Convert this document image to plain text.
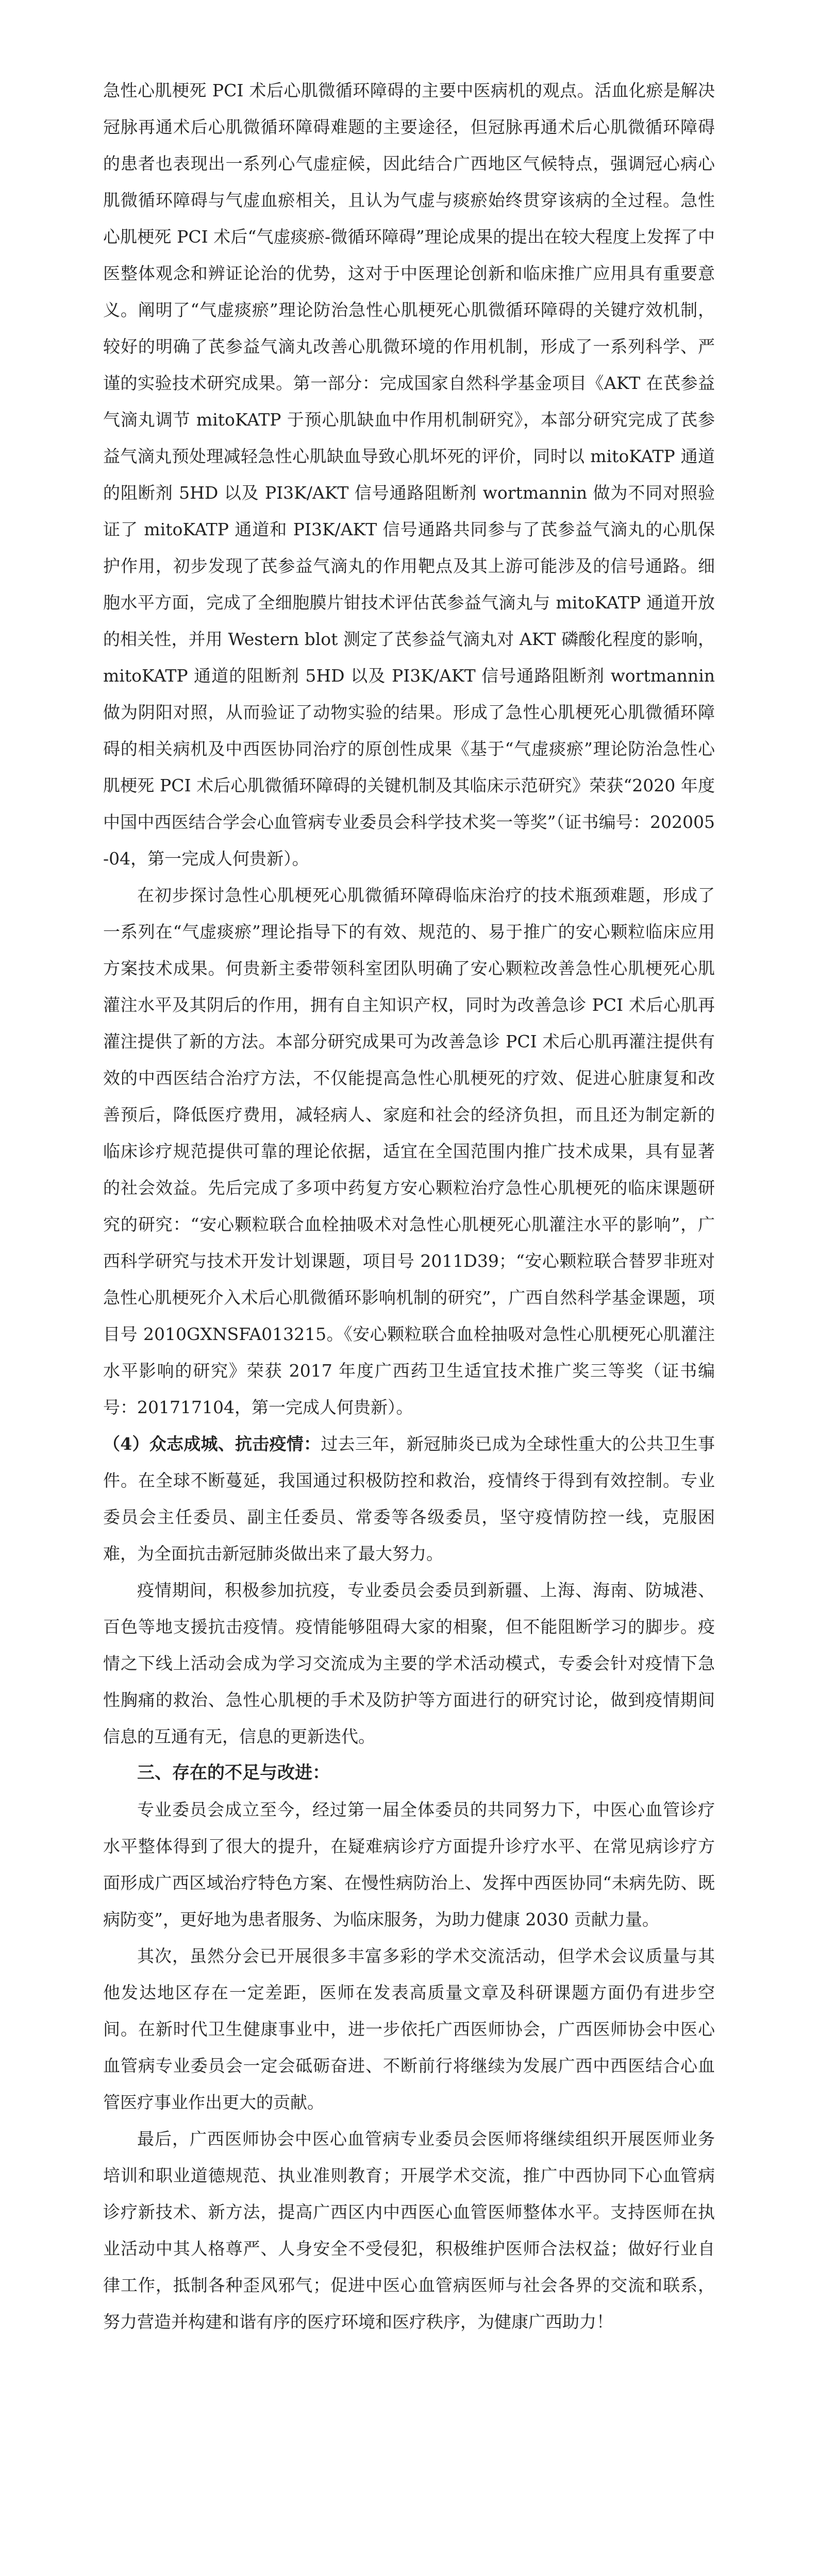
急性心肌梗死 PCI 术后心肌微循环障碍的主要中医病机的观点。活血化瘀是解决冠脉再通术后心肌微循环障碍难题的主要途径，但冠脉再通术后心肌微循环障碍的患者也表现出一系列心气虚症候，因此结合广西地区气候特点，强调冠心病心肌微循环障碍与气虚血瘀相关，且认为气虚与痰瘀始终贯穿该病的全过程。急性心肌梗死 PCI 术后“气虚痰瘀-微循环障碍”理论成果的提出在较大程度上发挥了中医整体观念和辨证论治的优势，这对于中医理论创新和临床推广应用具有重要意义。阐明了“气虚痰瘀”理论防治急性心肌梗死心肌微循环障碍的关键疗效机制，较好的明确了芪参益气滴丸改善心肌微环境的作用机制，形成了一系列科学、严谨的实验技术研究成果。第一部分：完成国家自然科学基金项目《AKT 在芪参益气滴丸调节 mitoKATP 于预心肌缺血中作用机制研究》，本部分研究完成了芪参益气滴丸预处理减轻急性心肌缺血导致心肌坏死的评价，同时以 mitoKATP 通道的阻断剂 5HD 以及 PI3K/AKT 信号通路阻断剂 wortmannin 做为不同对照验证了 mitoKATP 通道和 PI3K/AKT 信号通路共同参与了芪参益气滴丸的心肌保护作用，初步发现了芪参益气滴丸的作用靶点及其上游可能涉及的信号通路。细胞水平方面，完成了全细胞膜片钳技术评估芪参益气滴丸与 mitoKATP 通道开放的相关性，并用 Western blot 测定了芪参益气滴丸对 AKT 磷酸化程度的影响，mitoKATP 通道的阻断剂 5HD 以及 PI3K/AKT 信号通路阻断剂 wortmannin 做为阴阳对照，从而验证了动物实验的结果。形成了急性心肌梗死心肌微循环障碍的相关病机及中西医协同治疗的原创性成果《基于“气虚痰瘀”理论防治急性心肌梗死 PCI 术后心肌微循环障碍的关键机制及其临床示范研究》荣获“2020 年度中国中西医结合学会心血管病专业委员会科学技术奖一等奖”（证书编号：202005-04，第一完成人何贵新）。

在初步探讨急性心肌梗死心肌微循环障碍临床治疗的技术瓶颈难题，形成了一系列在“气虚痰瘀”理论指导下的有效、规范的、易于推广的安心颗粒临床应用方案技术成果。何贵新主委带领科室团队明确了安心颗粒改善急性心肌梗死心肌灌注水平及其阴后的作用，拥有自主知识产权，同时为改善急诊 PCI 术后心肌再灌注提供了新的方法。本部分研究成果可为改善急诊 PCI 术后心肌再灌注提供有效的中西医结合治疗方法，不仅能提高急性心肌梗死的疗效、促进心脏康复和改善预后，降低医疗费用，减轻病人、家庭和社会的经济负担，而且还为制定新的临床诊疗规范提供可靠的理论依据，适宜在全国范围内推广技术成果，具有显著的社会效益。先后完成了多项中药复方安心颗粒治疗急性心肌梗死的临床课题研究的研究：“安心颗粒联合血栓抽吸术对急性心肌梗死心肌灌注水平的影响”，广西科学研究与技术开发计划课题，项目号 2011D39；“安心颗粒联合替罗非班对急性心肌梗死介入术后心肌微循环影响机制的研究”，广西自然科学基金课题，项目号 2010GXNSFA013215。《安心颗粒联合血栓抽吸对急性心肌梗死心肌灌注水平影响的研究》荣获 2017 年度广西药卫生适宜技术推广奖三等奖（证书编号：201717104，第一完成人何贵新）。

（4）众志成城、抗击疫情：过去三年，新冠肺炎已成为全球性重大的公共卫生事件。在全球不断蔓延，我国通过积极防控和救治，疫情终于得到有效控制。专业委员会主任委员、副主任委员、常委等各级委员，坚守疫情防控一线，克服困难，为全面抗击新冠肺炎做出来了最大努力。

疫情期间，积极参加抗疫，专业委员会委员到新疆、上海、海南、防城港、百色等地支援抗击疫情。疫情能够阻碍大家的相聚，但不能阻断学习的脚步。疫情之下线上活动会成为学习交流成为主要的学术活动模式，专委会针对疫情下急性胸痛的救治、急性心肌梗的手术及防护等方面进行的研究讨论，做到疫情期间信息的互通有无，信息的更新迭代。

三、存在的不足与改进：

专业委员会成立至今，经过第一届全体委员的共同努力下，中医心血管诊疗水平整体得到了很大的提升，在疑难病诊疗方面提升诊疗水平、在常见病诊疗方面形成广西区域治疗特色方案、在慢性病防治上、发挥中西医协同“未病先防、既病防变”，更好地为患者服务、为临床服务，为助力健康 2030 贡献力量。

其次，虽然分会已开展很多丰富多彩的学术交流活动，但学术会议质量与其他发达地区存在一定差距，医师在发表高质量文章及科研课题方面仍有进步空间。在新时代卫生健康事业中，进一步依托广西医师协会，广西医师协会中医心血管病专业委员会一定会砥砺奋进、不断前行将继续为发展广西中西医结合心血管医疗事业作出更大的贡献。

最后，广西医师协会中医心血管病专业委员会医师将继续组织开展医师业务培训和职业道德规范、执业准则教育；开展学术交流，推广中西协同下心血管病诊疗新技术、新方法，提高广西区内中西医心血管医师整体水平。支持医师在执业活动中其人格尊严、人身安全不受侵犯，积极维护医师合法权益；做好行业自律工作，抵制各种歪风邪气；促进中医心血管病医师与社会各界的交流和联系，努力营造并构建和谐有序的医疗环境和医疗秩序，为健康广西助力！
